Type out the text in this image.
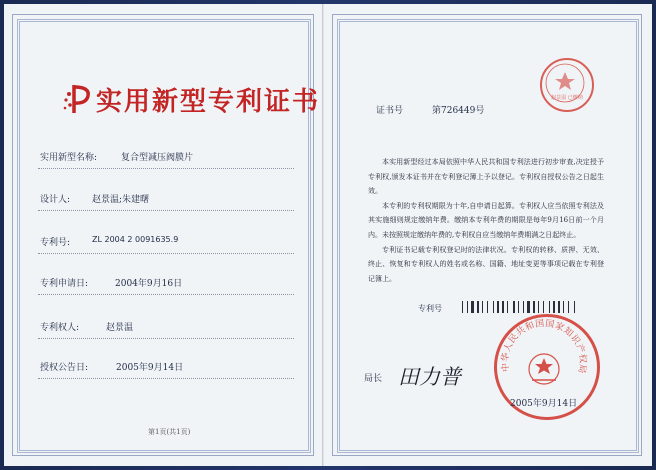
实用新型专利证书
实用新型名称:	复合型减压阀膜片
设计人: 赵景温;朱建曙
专利号:	ZL 2004 2 0091635.9
专利申请日:	2004年9月16日
专利权人:	赵景温
授权公告日:	2005年9月14日
第1页(共1页)
证书号	第726449号
赵景温 已缴纳

本实用新型经过本局依照中华人民共和国专利法进行初步审查,决定授予专利权,颁发本证书并在专利登记簿上予以登记。专利权自授权公告之日起生效。

本专利的专利权期限为十年,自申请日起算。专利权人应当依照专利法及其实施细则规定缴纳年费。缴纳本专利年费的期限是每年9月16日前一个月内。未按照规定缴纳年费的,专利权自应当缴纳年费期满之日起终止。

专利证书记载专利权登记时的法律状况。专利权的转移、质押、无效、终止、恢复和专利权人的姓名或名称、国籍、地址变更等事项记载在专利登记簿上。

专利号
局长 田力普	中华人民共和国国家知识产权局
2005年9月14日
